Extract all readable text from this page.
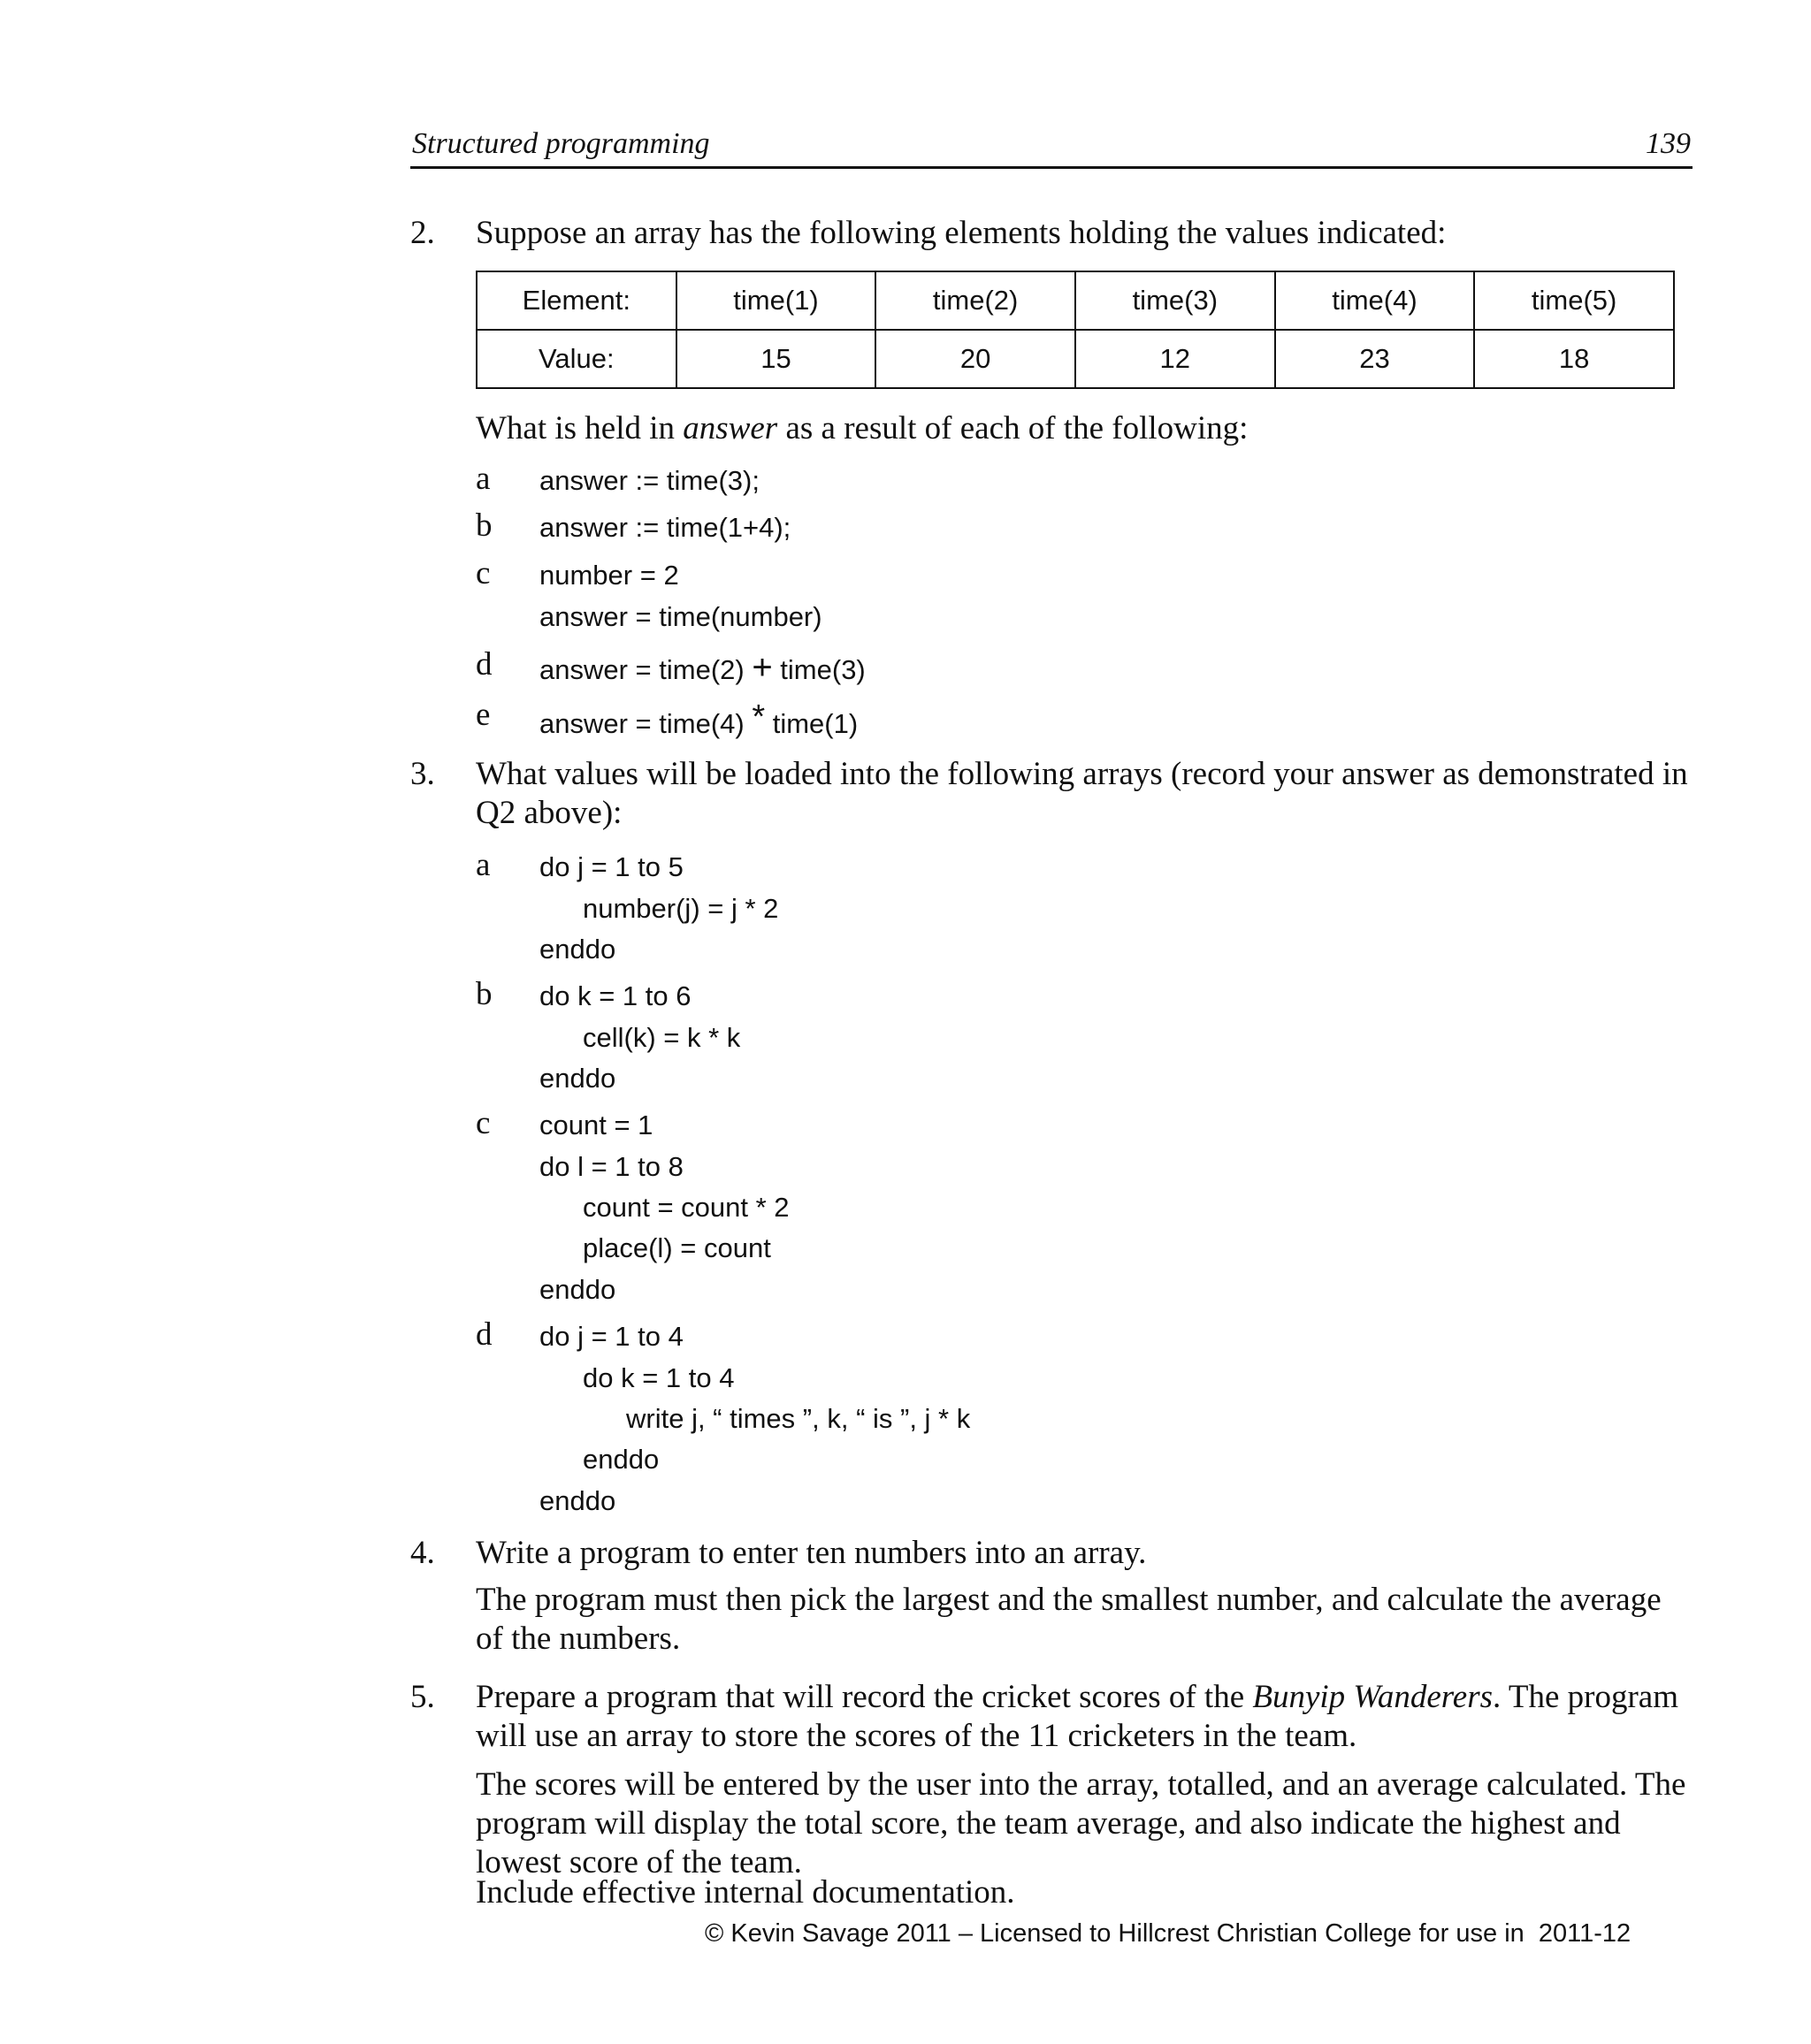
Structured programming	139
2. Suppose an array has the following elements holding the values indicated:
Element:	time(1)	time(2)	time(3)	time(4)	time(5)
Value:	15	20	12	23	18
What is held in answer as a result of each of the following:
a answer := time(3);
b answer := time(1+4);
c number = 2
answer = time(number)
d answer = time(2) + time(3)
e answer = time(4) * time(1)
3. What values will be loaded into the following arrays (record your answer as demonstrated in Q2 above):
a do j = 1 to 5
number(j) = j * 2
enddo
b do k = 1 to 6
cell(k) = k * k
enddo
c count = 1
do l = 1 to 8
count = count * 2
place(l) = count
enddo
d do j = 1 to 4
do k = 1 to 4
write j, “ times ”, k, “ is ”, j * k
enddo
enddo
4. Write a program to enter ten numbers into an array.
The program must then pick the largest and the smallest number, and calculate the average of the numbers.
5. Prepare a program that will record the cricket scores of the Bunyip Wanderers. The program will use an array to store the scores of the 11 cricketers in the team.
The scores will be entered by the user into the array, totalled, and an average calculated. The program will display the total score, the team average, and also indicate the highest and lowest score of the team.
Include effective internal documentation.
© Kevin Savage 2011 – Licensed to Hillcrest Christian College for use in  2011-12
